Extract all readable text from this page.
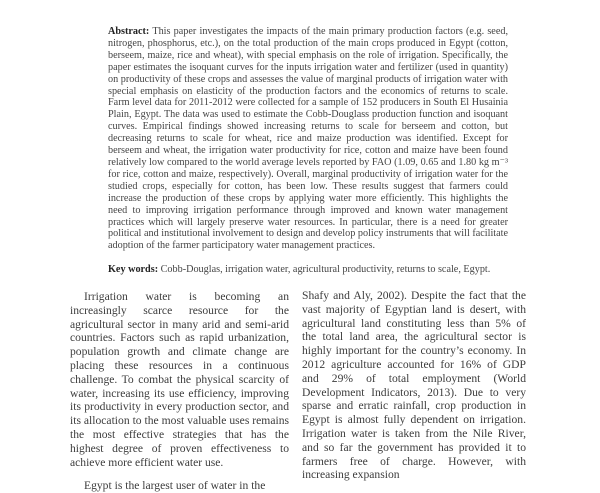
Abstract: This paper investigates the impacts of the main primary production factors (e.g. seed, nitrogen, phosphorus, etc.), on the total production of the main crops produced in Egypt (cotton, berseem, maize, rice and wheat), with special emphasis on the role of irrigation. Specifically, the paper estimates the isoquant curves for the inputs irrigation water and fertilizer (used in quantity) on productivity of these crops and assesses the value of marginal products of irrigation water with special emphasis on elasticity of the production factors and the economics of returns to scale. Farm level data for 2011-2012 were collected for a sample of 152 producers in South El Husainia Plain, Egypt. The data was used to estimate the Cobb-Douglass production function and isoquant curves. Empirical findings showed increasing returns to scale for berseem and cotton, but decreasing returns to scale for wheat, rice and maize production was identified. Except for berseem and wheat, the irrigation water productivity for rice, cotton and maize have been found relatively low compared to the world average levels reported by FAO (1.09, 0.65 and 1.80 kg m⁻³ for rice, cotton and maize, respectively). Overall, marginal productivity of irrigation water for the studied crops, especially for cotton, has been low. These results suggest that farmers could increase the production of these crops by applying water more efficiently. This highlights the need to improving irrigation performance through improved and known water management practices which will largely preserve water resources. In particular, there is a need for greater political and institutional involvement to design and develop policy instruments that will facilitate adoption of the farmer participatory water management practices.
Key words: Cobb-Douglas, irrigation water, agricultural productivity, returns to scale, Egypt.

Irrigation water is becoming an increasingly scarce resource for the agricultural sector in many arid and semi-arid countries. Factors such as rapid urbanization, population growth and climate change are placing these resources in a continuous challenge. To combat the physical scarcity of water, increasing its use efficiency, improving its productivity in every production sector, and its allocation to the most valuable uses remains the most effective strategies that has the highest degree of proven effectiveness to achieve more efficient water use.

Egypt is the largest user of water in the

Shafy and Aly, 2002). Despite the fact that the vast majority of Egyptian land is desert, with agricultural land constituting less than 5% of the total land area, the agricultural sector is highly important for the country’s economy. In 2012 agriculture accounted for 16% of GDP and 29% of total employment (World Development Indicators, 2013). Due to very sparse and erratic rainfall, crop production in Egypt is almost fully dependent on irrigation. Irrigation water is taken from the Nile River, and so far the government has provided it to farmers free of charge. However, with increasing expansion
